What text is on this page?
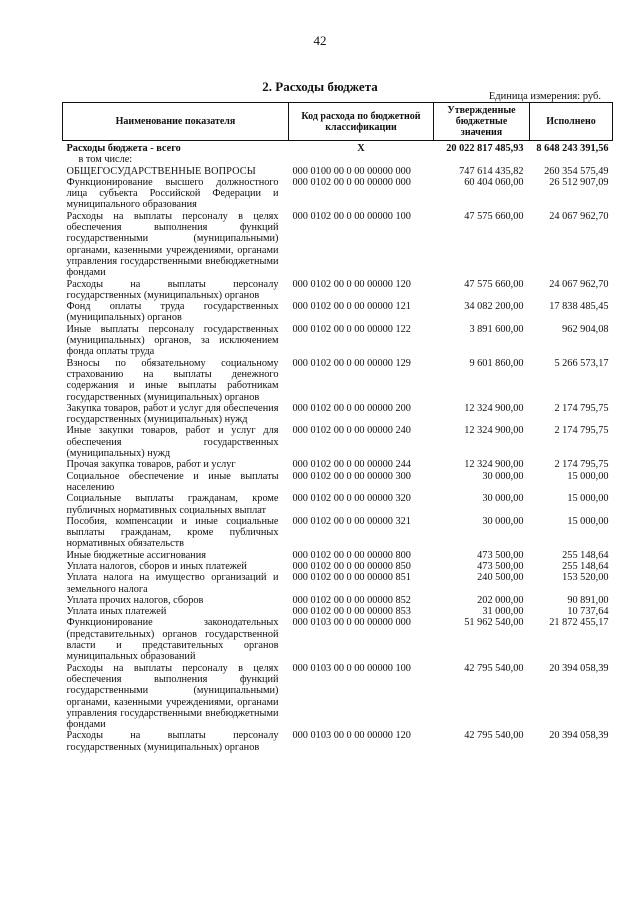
42
2. Расходы бюджета
Единица измерения: руб.
Наименование показателя	Код расхода по бюджетной классификации	Утвержденные бюджетные значения	Исполнено
Расходы бюджета - всего	Х	20 022 817 485,93	8 648 243 391,56
в том числе:			
ОБЩЕГОСУДАРСТВЕННЫЕ ВОПРОСЫ	000 0100 00 0 00 00000 000	747 614 435,82	260 354 575,49
Функционирование высшего должностного лица субъекта Российской Федерации и муниципального образования	000 0102 00 0 00 00000 000	60 404 060,00	26 512 907,09
Расходы на выплаты персоналу в целях обеспечения выполнения функций государственными (муниципальными) органами, казенными учреждениями, органами управления государственными внебюджетными фондами	000 0102 00 0 00 00000 100	47 575 660,00	24 067 962,70
Расходы на выплаты персоналу государственных (муниципальных) органов	000 0102 00 0 00 00000 120	47 575 660,00	24 067 962,70
Фонд оплаты труда государственных (муниципальных) органов	000 0102 00 0 00 00000 121	34 082 200,00	17 838 485,45
Иные выплаты персоналу государственных (муниципальных) органов, за исключением фонда оплаты труда	000 0102 00 0 00 00000 122	3 891 600,00	962 904,08
Взносы по обязательному социальному страхованию на выплаты денежного содержания и иные выплаты работникам государственных (муниципальных) органов	000 0102 00 0 00 00000 129	9 601 860,00	5 266 573,17
Закупка товаров, работ и услуг для обеспечения государственных (муниципальных) нужд	000 0102 00 0 00 00000 200	12 324 900,00	2 174 795,75
Иные закупки товаров, работ и услуг для обеспечения государственных (муниципальных) нужд	000 0102 00 0 00 00000 240	12 324 900,00	2 174 795,75
Прочая закупка товаров, работ и услуг	000 0102 00 0 00 00000 244	12 324 900,00	2 174 795,75
Социальное обеспечение и иные выплаты населению	000 0102 00 0 00 00000 300	30 000,00	15 000,00
Социальные выплаты гражданам, кроме публичных нормативных социальных выплат	000 0102 00 0 00 00000 320	30 000,00	15 000,00
Пособия, компенсации и иные социальные выплаты гражданам, кроме публичных нормативных обязательств	000 0102 00 0 00 00000 321	30 000,00	15 000,00
Иные бюджетные ассигнования	000 0102 00 0 00 00000 800	473 500,00	255 148,64
Уплата налогов, сборов и иных платежей	000 0102 00 0 00 00000 850	473 500,00	255 148,64
Уплата налога на имущество организаций и земельного налога	000 0102 00 0 00 00000 851	240 500,00	153 520,00
Уплата прочих налогов, сборов	000 0102 00 0 00 00000 852	202 000,00	90 891,00
Уплата иных платежей	000 0102 00 0 00 00000 853	31 000,00	10 737,64
Функционирование законодательных (представительных) органов государственной власти и представительных органов муниципальных образований	000 0103 00 0 00 00000 000	51 962 540,00	21 872 455,17
Расходы на выплаты персоналу в целях обеспечения выполнения функций государственными (муниципальными) органами, казенными учреждениями, органами управления государственными внебюджетными фондами	000 0103 00 0 00 00000 100	42 795 540,00	20 394 058,39
Расходы на выплаты персоналу государственных (муниципальных) органов	000 0103 00 0 00 00000 120	42 795 540,00	20 394 058,39
